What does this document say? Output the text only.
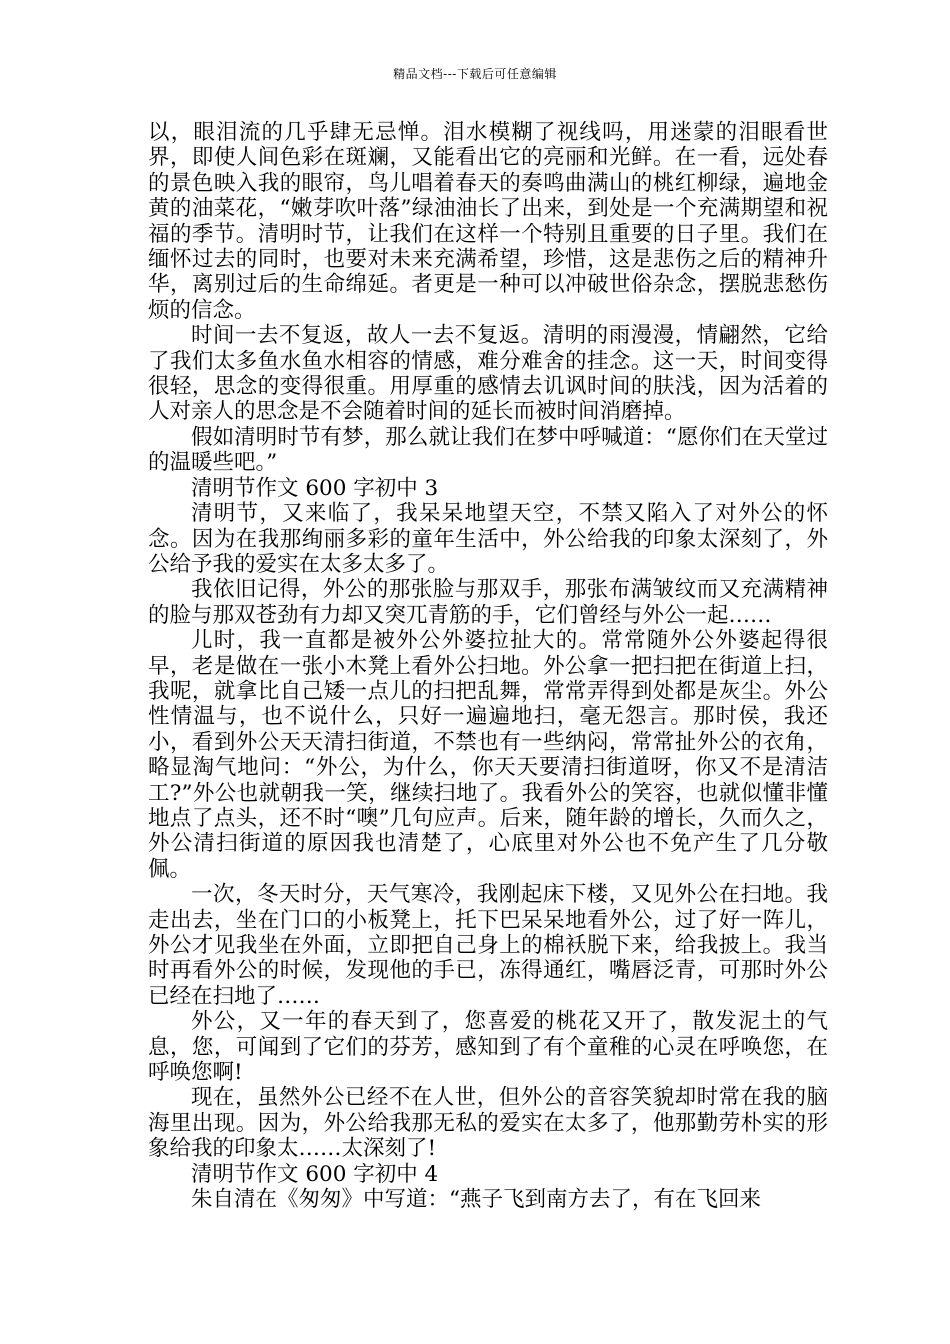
精品文档---下载后可任意编辑

以，眼泪流的几乎肆无忌惮。泪水模糊了视线吗，用迷蒙的泪眼看世界，即使人间色彩在斑斓，又能看出它的亮丽和光鲜。在一看，远处春的景色映入我的眼帘，鸟儿唱着春天的奏鸣曲满山的桃红柳绿，遍地金黄的油菜花，“嫩芽吹叶落”绿油油长了出来，到处是一个充满期望和祝福的季节。清明时节，让我们在这样一个特别且重要的日子里。我们在缅怀过去的同时，也要对未来充满希望，珍惜，这是悲伤之后的精神升华，离别过后的生命绵延。者更是一种可以冲破世俗杂念，摆脱悲愁伤烦的信念。

时间一去不复返，故人一去不复返。清明的雨漫漫，情翩然，它给了我们太多鱼水鱼水相容的情感，难分难舍的挂念。这一天，时间变得很轻，思念的变得很重。用厚重的感情去讥讽时间的肤浅，因为活着的人对亲人的思念是不会随着时间的延长而被时间消磨掉。

假如清明时节有梦，那么就让我们在梦中呼喊道：“愿你们在天堂过的温暖些吧。”

清明节作文 600 字初中 3

清明节，又来临了，我呆呆地望天空，不禁又陷入了对外公的怀念。因为在我那绚丽多彩的童年生活中，外公给我的印象太深刻了，外公给予我的爱实在太多太多了。

我依旧记得，外公的那张脸与那双手，那张布满皱纹而又充满精神的脸与那双苍劲有力却又突兀青筋的手，它们曾经与外公一起……

儿时，我一直都是被外公外婆拉扯大的。常常随外公外婆起得很早，老是做在一张小木凳上看外公扫地。外公拿一把扫把在街道上扫，我呢，就拿比自己矮一点儿的扫把乱舞，常常弄得到处都是灰尘。外公性情温与，也不说什么，只好一遍遍地扫，毫无怨言。那时侯，我还小，看到外公天天清扫街道，不禁也有一些纳闷，常常扯外公的衣角，略显淘气地问：“外公，为什么，你天天要清扫街道呀，你又不是清洁工?”外公也就朝我一笑，继续扫地了。我看外公的笑容，也就似懂非懂地点了点头，还不时“噢”几句应声。后来，随年龄的增长，久而久之，外公清扫街道的原因我也清楚了，心底里对外公也不免产生了几分敬佩。

一次，冬天时分，天气寒冷，我刚起床下楼，又见外公在扫地。我走出去，坐在门口的小板凳上，托下巴呆呆地看外公，过了好一阵儿，外公才见我坐在外面，立即把自己身上的棉袄脱下来，给我披上。我当时再看外公的时候，发现他的手已，冻得通红，嘴唇泛青，可那时外公已经在扫地了……

外公，又一年的春天到了，您喜爱的桃花又开了，散发泥土的气息，您，可闻到了它们的芬芳，感知到了有个童稚的心灵在呼唤您，在呼唤您啊!

现在，虽然外公已经不在人世，但外公的音容笑貌却时常在我的脑海里出现。因为，外公给我那无私的爱实在太多了，他那勤劳朴实的形象给我的印象太……太深刻了!

清明节作文 600 字初中 4

朱自清在《匆匆》中写道：“燕子飞到南方去了，有在飞回来
